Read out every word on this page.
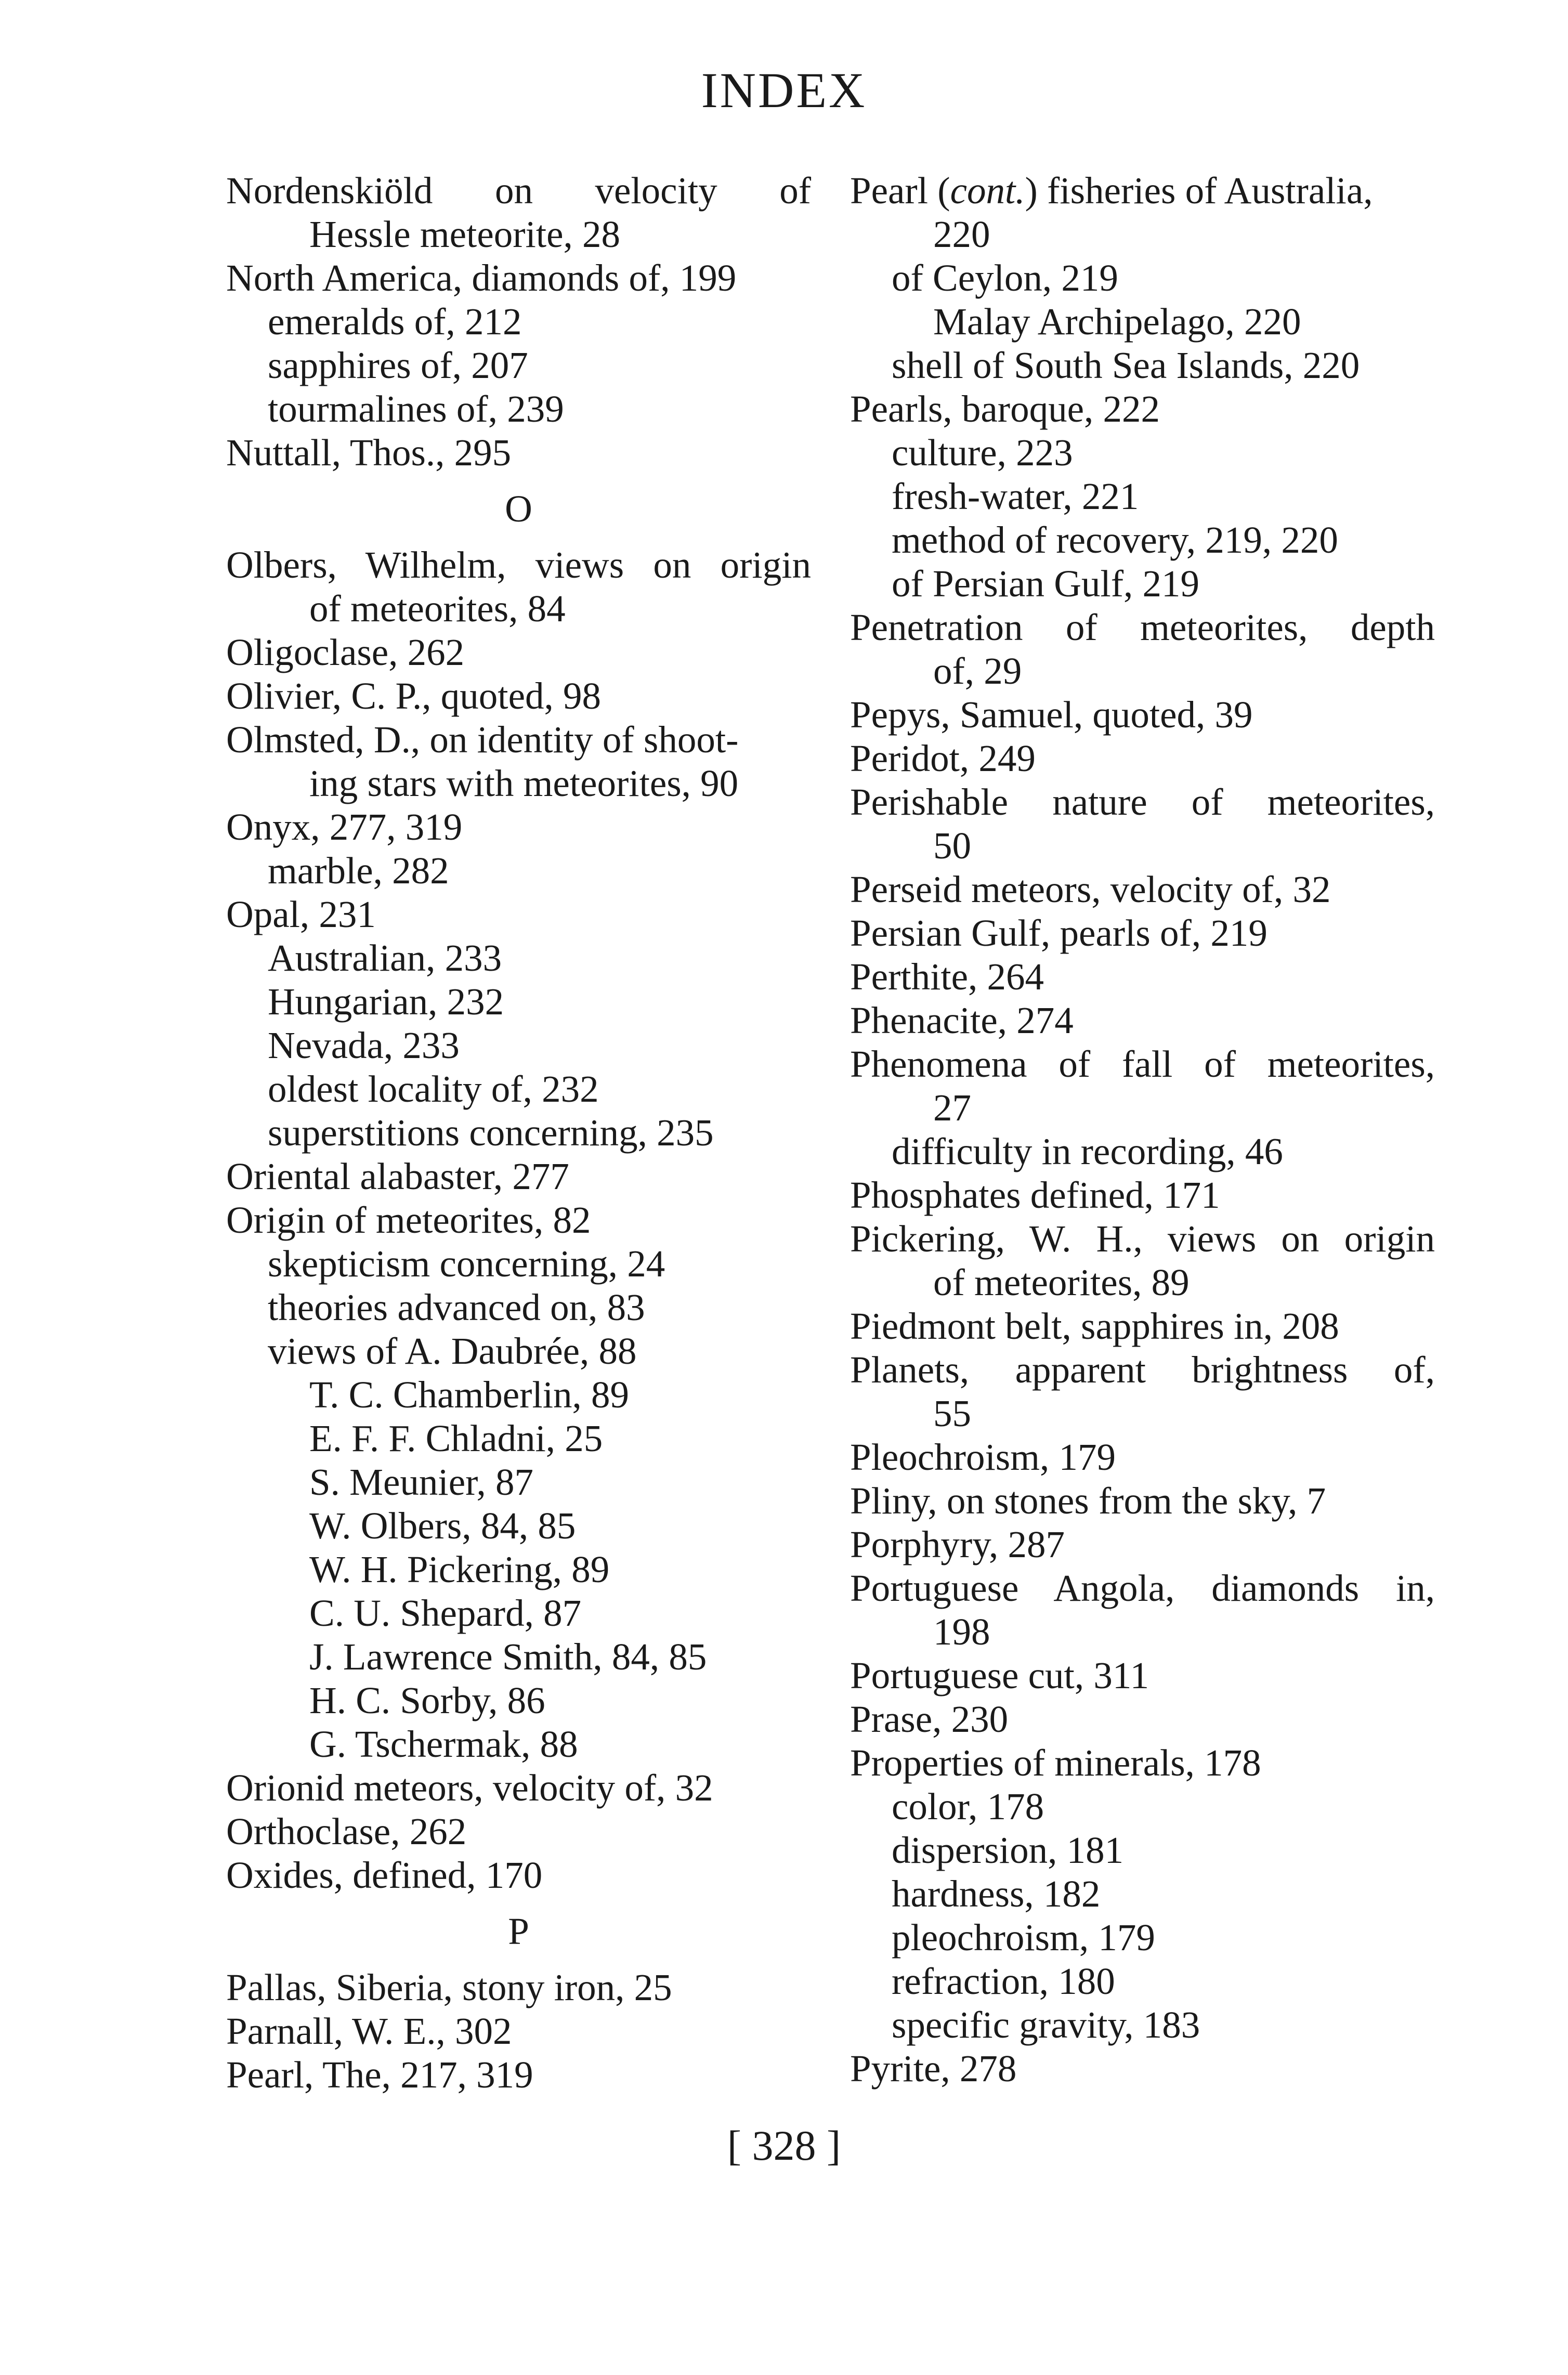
INDEX
Nordenskiöld on velocity of
Hessle meteorite, 28
North America, diamonds of, 199
emeralds of, 212
sapphires of, 207
tourmalines of, 239
Nuttall, Thos., 295
O
Olbers, Wilhelm, views on origin
of meteorites, 84
Oligoclase, 262
Olivier, C. P., quoted, 98
Olmsted, D., on identity of shoot-
ing stars with meteorites, 90
Onyx, 277, 319
marble, 282
Opal, 231
Australian, 233
Hungarian, 232
Nevada, 233
oldest locality of, 232
superstitions concerning, 235
Oriental alabaster, 277
Origin of meteorites, 82
skepticism concerning, 24
theories advanced on, 83
views of A. Daubrée, 88
T. C. Chamberlin, 89
E. F. F. Chladni, 25
S. Meunier, 87
W. Olbers, 84, 85
W. H. Pickering, 89
C. U. Shepard, 87
J. Lawrence Smith, 84, 85
H. C. Sorby, 86
G. Tschermak, 88
Orionid meteors, velocity of, 32
Orthoclase, 262
Oxides, defined, 170
P
Pallas, Siberia, stony iron, 25
Parnall, W. E., 302
Pearl, The, 217, 319
Pearl (cont.) fisheries of Australia,
220
of Ceylon, 219
Malay Archipelago, 220
shell of South Sea Islands, 220
Pearls, baroque, 222
culture, 223
fresh-water, 221
method of recovery, 219, 220
of Persian Gulf, 219
Penetration of meteorites, depth
of, 29
Pepys, Samuel, quoted, 39
Peridot, 249
Perishable nature of meteorites,
50
Perseid meteors, velocity of, 32
Persian Gulf, pearls of, 219
Perthite, 264
Phenacite, 274
Phenomena of fall of meteorites,
27
difficulty in recording, 46
Phosphates defined, 171
Pickering, W. H., views on origin
of meteorites, 89
Piedmont belt, sapphires in, 208
Planets, apparent brightness of,
55
Pleochroism, 179
Pliny, on stones from the sky, 7
Porphyry, 287
Portuguese Angola, diamonds in,
198
Portuguese cut, 311
Prase, 230
Properties of minerals, 178
color, 178
dispersion, 181
hardness, 182
pleochroism, 179
refraction, 180
specific gravity, 183
Pyrite, 278
[ 328 ]
